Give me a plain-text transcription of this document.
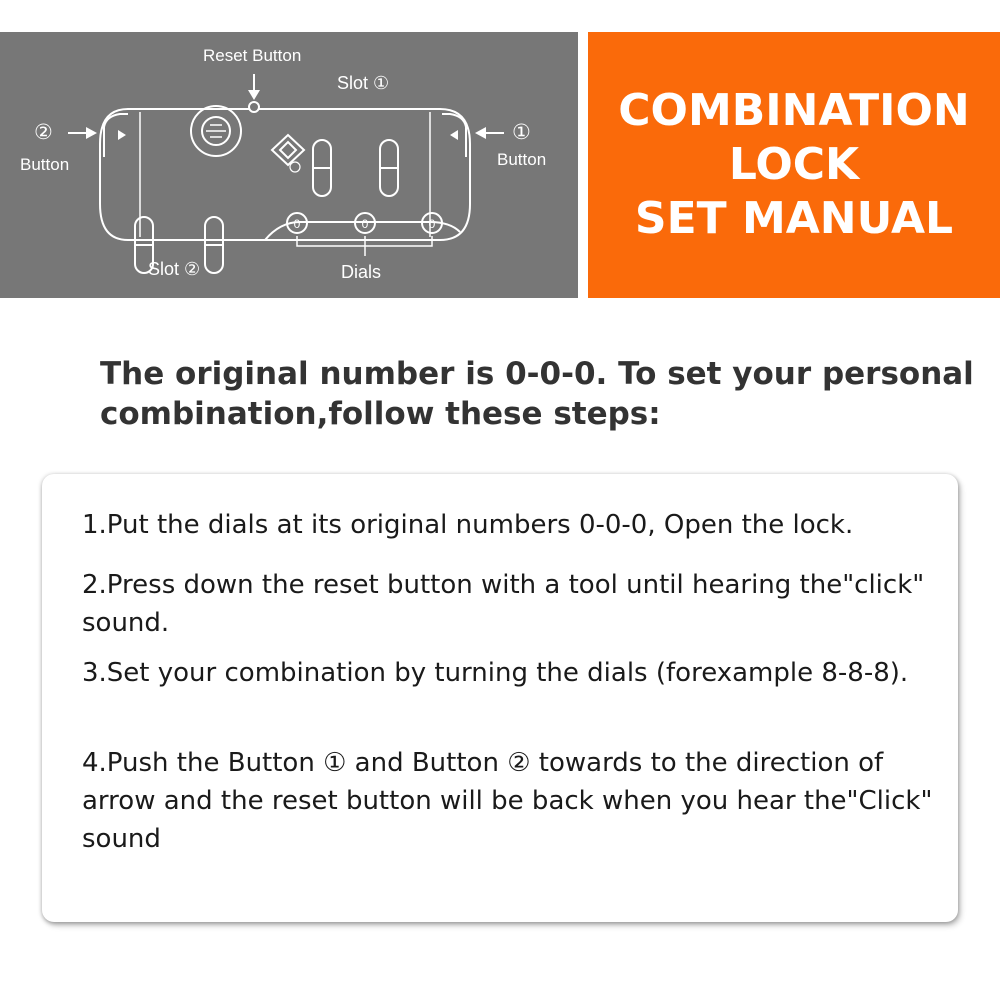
0	0	0
Reset Button
Slot ①
②
Button
①
Button
Slot ②	Dials
COMBINATION
LOCK
SET MANUAL
The original number is 0-0-0. To set your personal combination,follow these steps:
1.Put the dials at its original numbers 0-0-0, Open the lock.
2.Press down the reset button with a tool until hearing the"click" sound.
3.Set your combination by turning the dials (forexample 8-8-8).
4.Push the Button ① and Button ② towards to the direction of arrow and the reset button will be back when you hear the"Click" sound
